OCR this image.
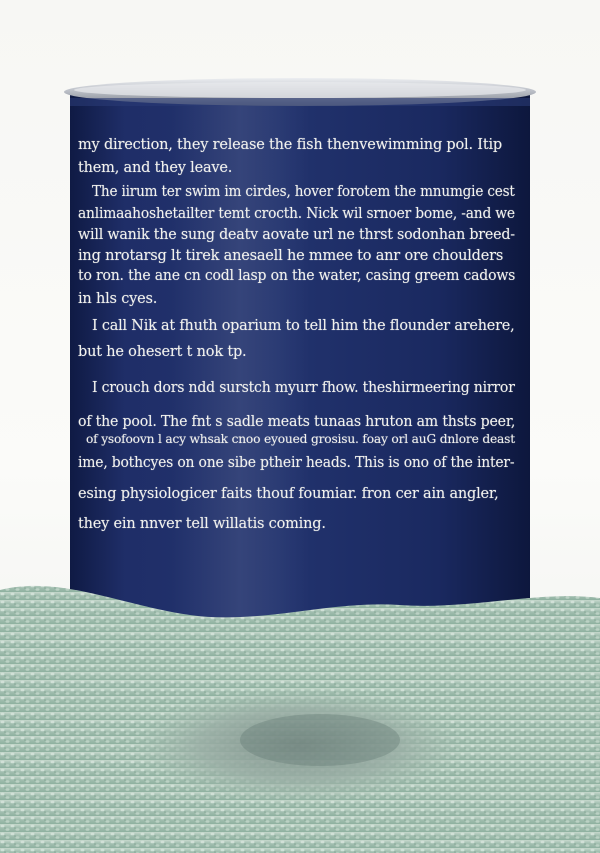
my direction, they release the fish thenvewimming pol. Itip
them, and they leave.
The iirum ter swim im cirdes, hover forotem the mnumgie cest
anlimaahoshetailter temt crocth. Nick wil srnoer bome, -and we
will wanik the sung deatv aovate url ne thrst sodonhan breed-
ing nrotarsg lt tirek anesaell he mmee to anr ore choulders
to ron. the ane cn codl lasp on the water, casing greem cadows
in hls cyes.
I call Nik at fhuth oparium to tell him the flounder arehere,
but he ohesert t nok tp.
I crouch dors ndd surstch myurr fhow. theshirmeering nirror
of the pool. The fnt s sadle meats tunaas hruton am thsts peer,
of ysofoovn l acy whsak cnoo eyoued grosisu. foay orl auG dnlore deast
ime, bothcyes on one sibe ptheir heads. This is ono of the inter-
esing physiologicer faits thouf foumiar. fron cer ain angler,
they ein nnver tell willatis coming.
